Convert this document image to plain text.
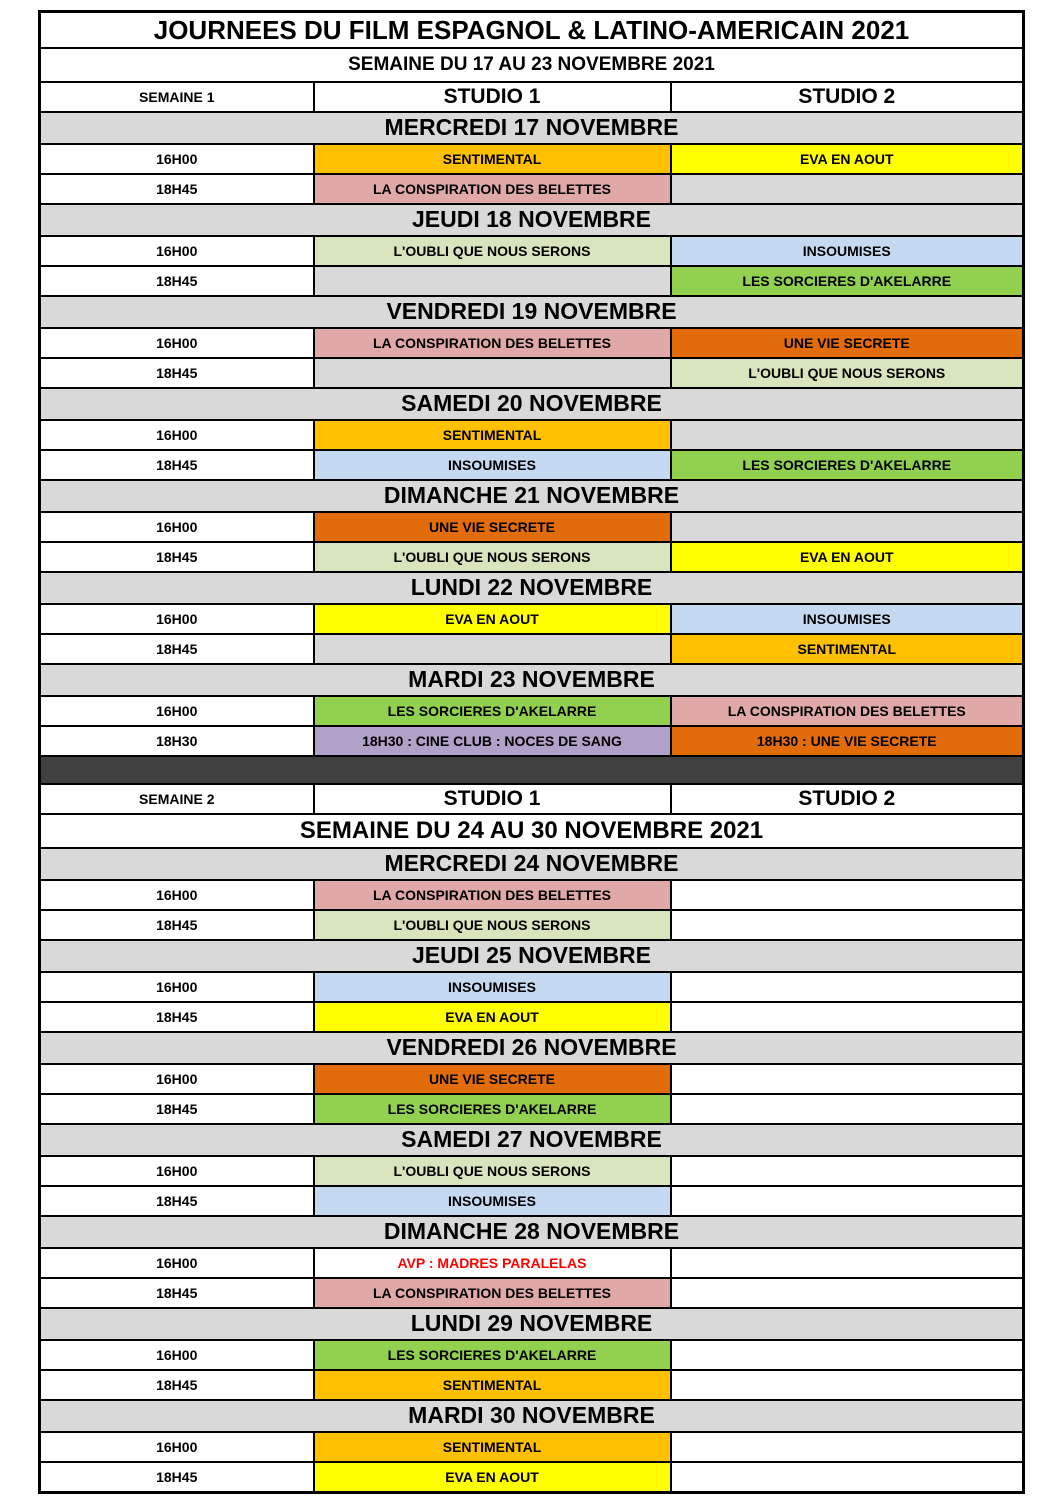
JOURNEES DU FILM ESPAGNOL & LATINO-AMERICAIN 2021		
SEMAINE DU 17 AU 23 NOVEMBRE 2021		
SEMAINE 1	STUDIO 1	STUDIO 2
MERCREDI 17 NOVEMBRE		
16H00	SENTIMENTAL	EVA EN AOUT
18H45	LA CONSPIRATION DES BELETTES	
JEUDI 18 NOVEMBRE		
16H00	L'OUBLI QUE NOUS SERONS	INSOUMISES
18H45		LES SORCIERES D'AKELARRE
VENDREDI 19 NOVEMBRE		
16H00	LA CONSPIRATION DES BELETTES	UNE VIE SECRETE
18H45		L'OUBLI QUE NOUS SERONS
SAMEDI 20 NOVEMBRE		
16H00	SENTIMENTAL	
18H45	INSOUMISES	LES SORCIERES D'AKELARRE
DIMANCHE 21 NOVEMBRE		
16H00	UNE VIE SECRETE	
18H45	L'OUBLI QUE NOUS SERONS	EVA EN AOUT
LUNDI 22 NOVEMBRE		
16H00	EVA EN AOUT	INSOUMISES
18H45		SENTIMENTAL
MARDI 23 NOVEMBRE		
16H00	LES SORCIERES D'AKELARRE	LA CONSPIRATION DES BELETTES
18H30	18H30 : CINE CLUB : NOCES DE SANG	18H30 : UNE VIE SECRETE

SEMAINE 2	STUDIO 1	STUDIO 2
SEMAINE DU 24 AU 30 NOVEMBRE 2021		
MERCREDI 24 NOVEMBRE		
16H00	LA CONSPIRATION DES BELETTES	
18H45	L'OUBLI QUE NOUS SERONS	
JEUDI 25 NOVEMBRE		
16H00	INSOUMISES	
18H45	EVA EN AOUT	
VENDREDI 26 NOVEMBRE		
16H00	UNE VIE SECRETE	
18H45	LES SORCIERES D'AKELARRE	
SAMEDI 27 NOVEMBRE		
16H00	L'OUBLI QUE NOUS SERONS	
18H45	INSOUMISES	
DIMANCHE 28 NOVEMBRE		
16H00	AVP : MADRES PARALELAS	
18H45	LA CONSPIRATION DES BELETTES	
LUNDI 29 NOVEMBRE		
16H00	LES SORCIERES D'AKELARRE	
18H45	SENTIMENTAL	
MARDI 30 NOVEMBRE		
16H00	SENTIMENTAL	
18H45	EVA EN AOUT	
